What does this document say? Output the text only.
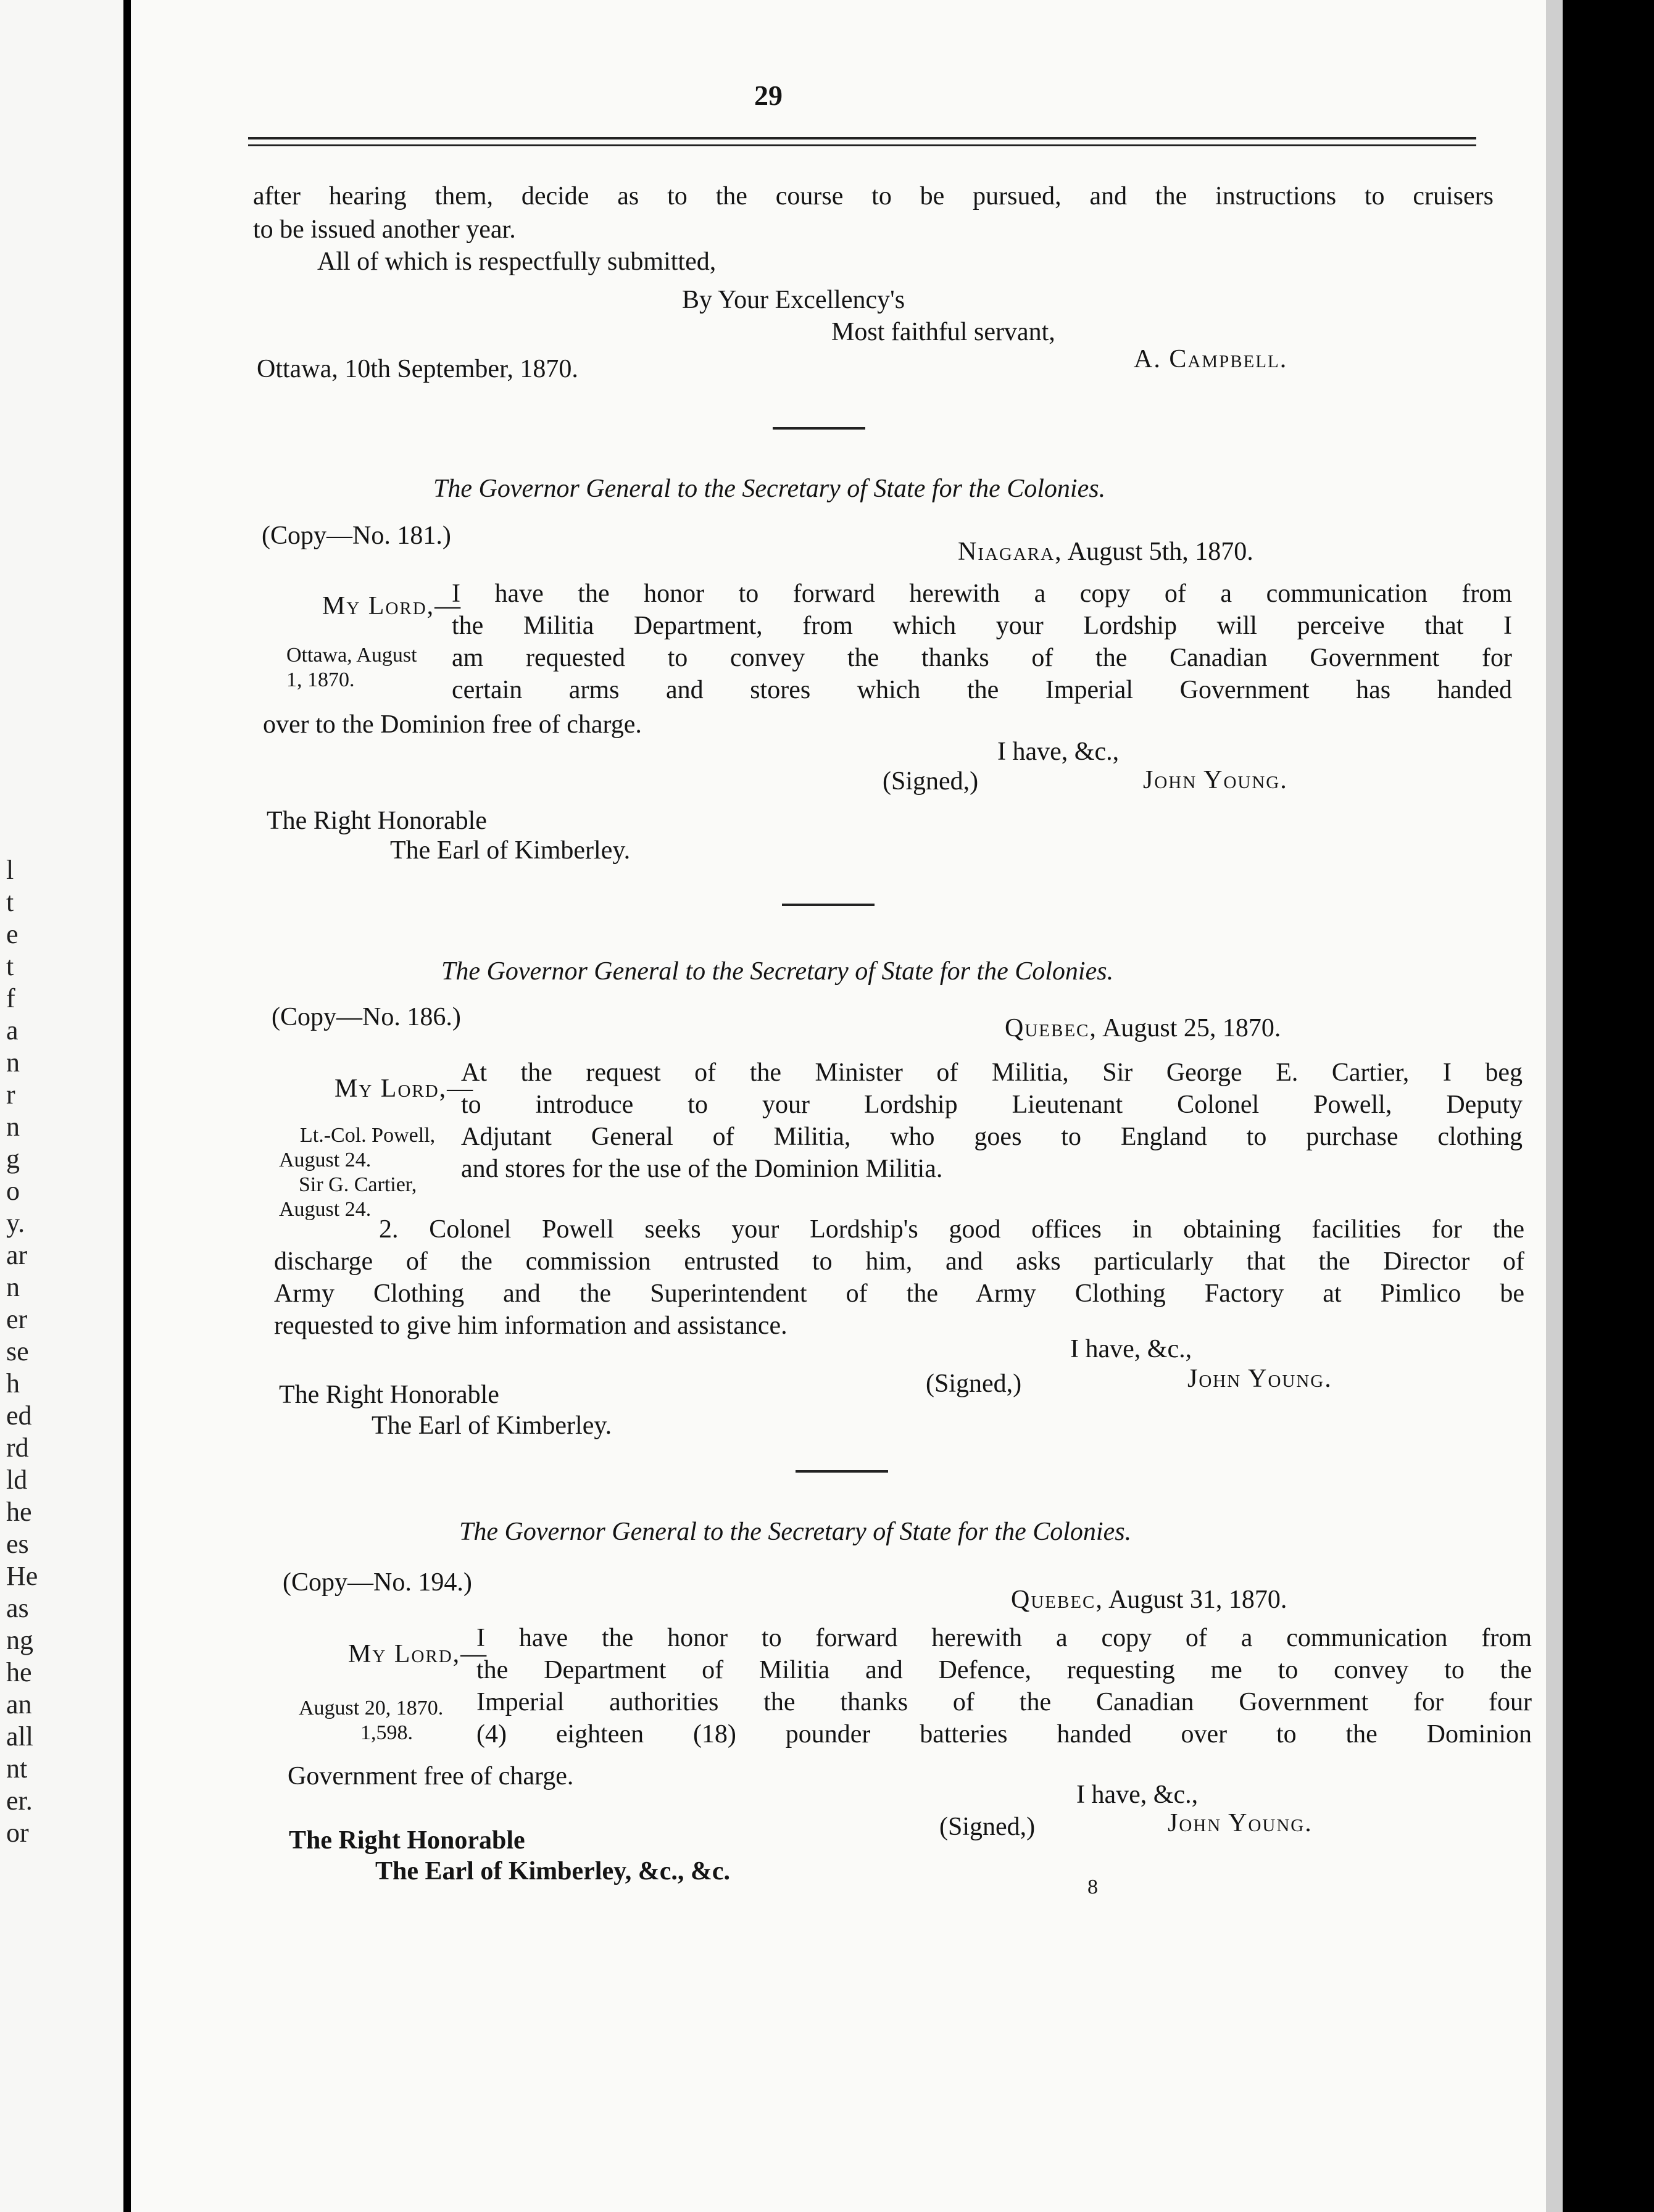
l
t
e
t
f
a
n
r
n
g
o
y.
ar
n
er
se
h
ed
rd
ld
he
es
He
as
ng
he
an
all
nt
er.
or
29
after hearing them, decide as to the course to be pursued, and the instructions to cruisers
to be issued another year.
All of which is respectfully submitted,
By Your Excellency's
Most faithful servant,
Ottawa, 10th September, 1870.	A. Campbell.
The Governor General to the Secretary of State for the Colonies.
(Copy—No. 181.)
Niagara, August 5th, 1870.
My Lord,—
Ottawa, August
1, 1870.
I have the honor to forward herewith a copy of a communication from
the Militia Department, from which your Lordship will perceive that I
am requested to convey the thanks of the Canadian Government for
certain arms and stores which the Imperial Government has handed
over to the Dominion free of charge.
I have, &c.,
(Signed,)	John Young.
The Right Honorable
The Earl of Kimberley.
The Governor General to the Secretary of State for the Colonies.
(Copy—No. 186.)	Quebec, August 25, 1870.
My Lord,—
At the request of the Minister of Militia, Sir George E. Cartier, I beg
to introduce to your Lordship Lieutenant Colonel Powell, Deputy
Adjutant General of Militia, who goes to England to purchase clothing
and stores for the use of the Dominion Militia.
Lt.-Col. Powell,
August 24.
Sir G. Cartier,
August 24.
2. Colonel Powell seeks your Lordship's good offices in obtaining facilities for the
discharge of the commission entrusted to him, and asks particularly that the Director of
Army Clothing and the Superintendent of the Army Clothing Factory at Pimlico be
requested to give him information and assistance.
I have, &c.,
(Signed,)	John Young.
The Right Honorable
The Earl of Kimberley.
The Governor General to the Secretary of State for the Colonies.
(Copy—No. 194.)
Quebec, August 31, 1870.
My Lord,—
I have the honor to forward herewith a copy of a communication from
the Department of Militia and Defence, requesting me to convey to the
Imperial authorities the thanks of the Canadian Government for four
(4) eighteen (18) pounder batteries handed over to the Dominion
August 20, 1870.
1,598.
Government free of charge.
I have, &c.,
(Signed,)	John Young.
The Right Honorable
The Earl of Kimberley, &c., &c.
8
